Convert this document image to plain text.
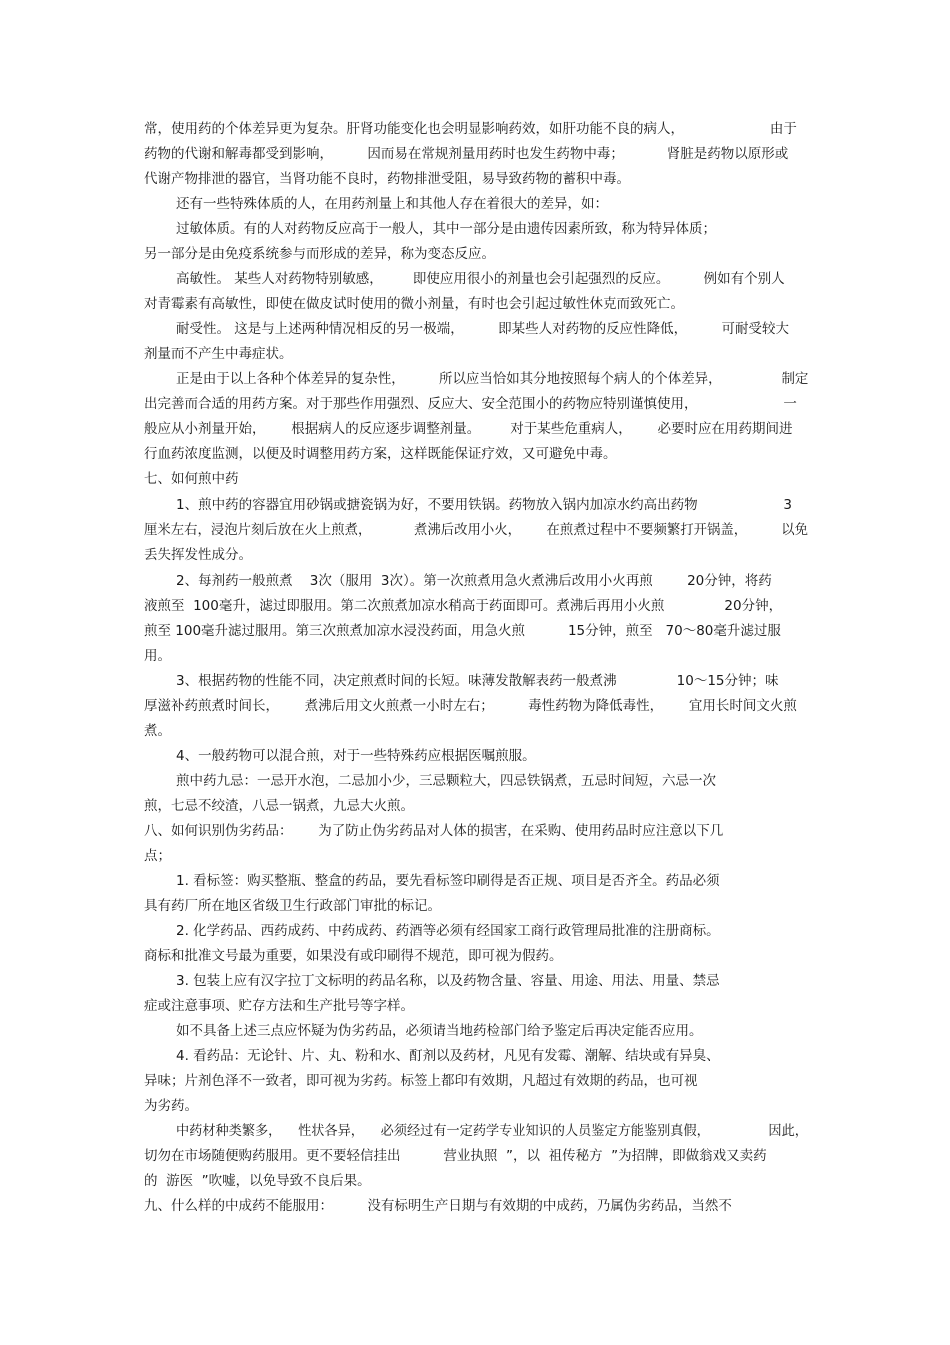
常，使用药的个体差异更为复杂。肝肾功能变化也会明显影响药效，如肝功能不良的病人，                    由于
药物的代谢和解毒都受到影响，        因而易在常规剂量用药时也发生药物中毒；          肾脏是药物以原形或
代谢产物排泄的器官，当肾功能不良时，药物排泄受阻，易导致药物的蓄积中毒。
还有一些特殊体质的人，在用药剂量上和其他人存在着很大的差异，如：
过敏体质。有的人对药物反应高于一般人，其中一部分是由遗传因素所致，称为特异体质；
另一部分是由免疫系统参与而形成的差异，称为变态反应。
高敏性。 某些人对药物特别敏感，       即使应用很小的剂量也会引起强烈的反应。        例如有个别人
对青霉素有高敏性，即使在做皮试时使用的微小剂量，有时也会引起过敏性休克而致死亡。
耐受性。 这是与上述两种情况相反的另一极端，        即某些人对药物的反应性降低，        可耐受较大
剂量而不产生中毒症状。
正是由于以上各种个体差异的复杂性，        所以应当恰如其分地按照每个病人的个体差异，              制定
出完善而合适的用药方案。对于那些作用强烈、反应大、安全范围小的药物应特别谨慎使用，                    一
般应从小剂量开始，      根据病人的反应逐步调整剂量。       对于某些危重病人，      必要时应在用药期间进
行血药浓度监测，以便及时调整用药方案，这样既能保证疗效，又可避免中毒。
七、如何煎中药
1、煎中药的容器宜用砂锅或搪瓷锅为好，不要用铁锅。药物放入锅内加凉水约高出药物                    3
厘米左右，浸泡片刻后放在火上煎煮，          煮沸后改用小火，      在煎煮过程中不要频繁打开锅盖，        以免
丢失挥发性成分。
2、每剂药一般煎煮    3次（服用  3次）。第一次煎煮用急火煮沸后改用小火再煎        20分钟，将药
液煎至  100毫升，滤过即服用。第二次煎煮加凉水稍高于药面即可。煮沸后再用小火煎              20分钟，
煎至 100毫升滤过服用。第三次煎煮加凉水浸没药面，用急火煎          15分钟，煎至   70～80毫升滤过服
用。
3、根据药物的性能不同，决定煎煮时间的长短。味薄发散解表药一般煮沸              10～15分钟；味
厚滋补药煎煮时间长，      煮沸后用文火煎煮一小时左右；        毒性药物为降低毒性，      宜用长时间文火煎
煮。
4、一般药物可以混合煎，对于一些特殊药应根据医嘱煎服。
煎中药九忌：一忌开水泡，二忌加小少，三忌颗粒大，四忌铁锅煮，五忌时间短，六忌一次
煎，七忌不绞渣，八忌一锅煮，九忌大火煎。
八、如何识别伪劣药品：      为了防止伪劣药品对人体的损害，在采购、使用药品时应注意以下几
点；
1. 看标签：购买整瓶、整盒的药品，要先看标签印刷得是否正规、项目是否齐全。药品必须
具有药厂所在地区省级卫生行政部门审批的标记。
2. 化学药品、西药成药、中药成药、药酒等必须有经国家工商行政管理局批准的注册商标。
商标和批准文号最为重要，如果没有或印刷得不规范，即可视为假药。
3. 包装上应有汉字拉丁文标明的药品名称，以及药物含量、容量、用途、用法、用量、禁忌
症或注意事项、贮存方法和生产批号等字样。
如不具备上述三点应怀疑为伪劣药品，必须请当地药检部门给予鉴定后再决定能否应用。
4. 看药品：无论针、片、丸、粉和水、酊剂以及药材，凡见有发霉、潮解、结块或有异臭、
异味；片剂色泽不一致者，即可视为劣药。标签上都印有效期，凡超过有效期的药品，也可视
为劣药。
中药材种类繁多，    性状各异，    必须经过有一定药学专业知识的人员鉴定方能鉴别真假，              因此，
切勿在市场随便购药服用。更不要轻信挂出          营业执照  ”，以  祖传秘方  ”为招牌，即做翁戏又卖药
的  游医  ”吹嘘，以免导致不良后果。
九、什么样的中成药不能服用：        没有标明生产日期与有效期的中成药，乃属伪劣药品，当然不
